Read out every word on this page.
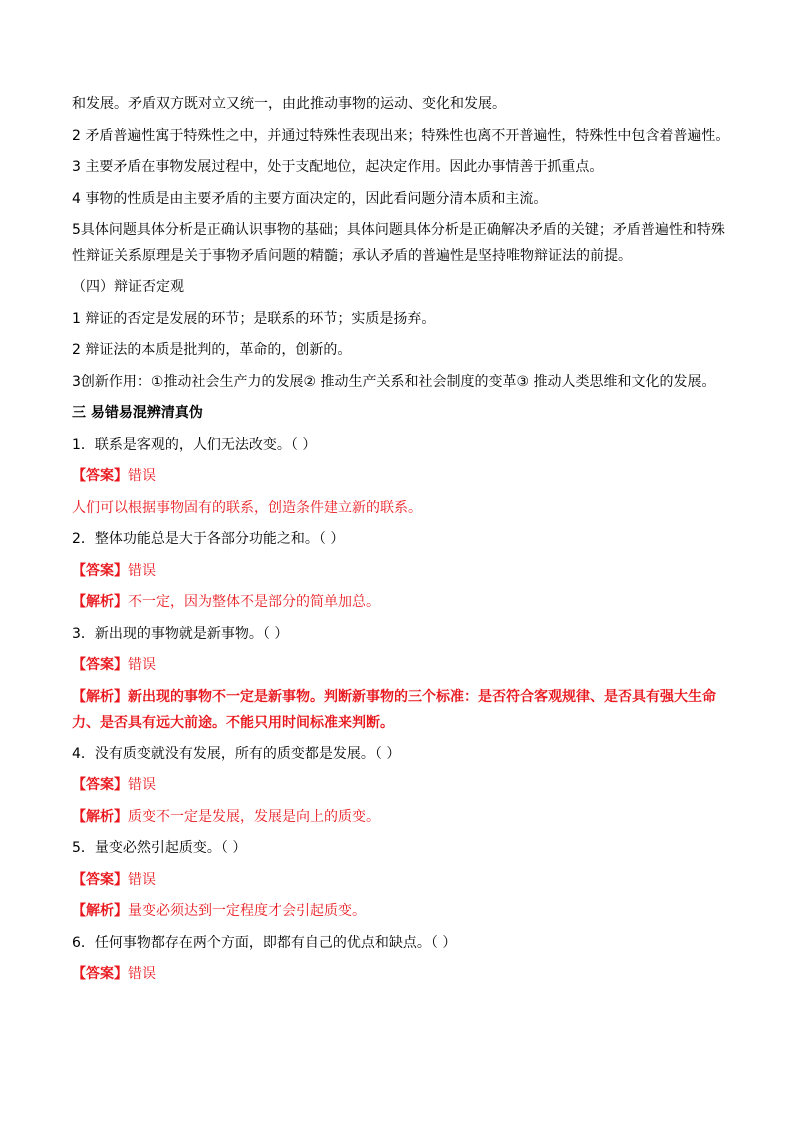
和发展。矛盾双方既对立又统一，由此推动事物的运动、变化和发展。

2 矛盾普遍性寓于特殊性之中，并通过特殊性表现出来；特殊性也离不开普遍性，特殊性中包含着普遍性。

3 主要矛盾在事物发展过程中，处于支配地位，起决定作用。因此办事情善于抓重点。

4 事物的性质是由主要矛盾的主要方面决定的，因此看问题分清本质和主流。

5具体问题具体分析是正确认识事物的基础；具体问题具体分析是正确解决矛盾的关键；矛盾普遍性和特殊性辩证关系原理是关于事物矛盾问题的精髓；承认矛盾的普遍性是坚持唯物辩证法的前提。

（四）辩证否定观

1 辩证的否定是发展的环节；是联系的环节；实质是扬弃。

2 辩证法的本质是批判的，革命的，创新的。

3创新作用：①推动社会生产力的发展② 推动生产关系和社会制度的变革③ 推动人类思维和文化的发展。

三 易错易混辨清真伪

1．联系是客观的，人们无法改变。（ ）

【答案】错误

人们可以根据事物固有的联系，创造条件建立新的联系。

2．整体功能总是大于各部分功能之和。（ ）

【答案】错误

【解析】不一定，因为整体不是部分的简单加总。

3．新出现的事物就是新事物。（ ）

【答案】错误

【解析】新出现的事物不一定是新事物。判断新事物的三个标准：是否符合客观规律、是否具有强大生命力、是否具有远大前途。不能只用时间标准来判断。

4．没有质变就没有发展，所有的质变都是发展。（ ）

【答案】错误

【解析】质变不一定是发展，发展是向上的质变。

5．量变必然引起质变。（ ）

【答案】错误

【解析】量变必须达到一定程度才会引起质变。

6．任何事物都存在两个方面，即都有自己的优点和缺点。（ ）

【答案】错误
